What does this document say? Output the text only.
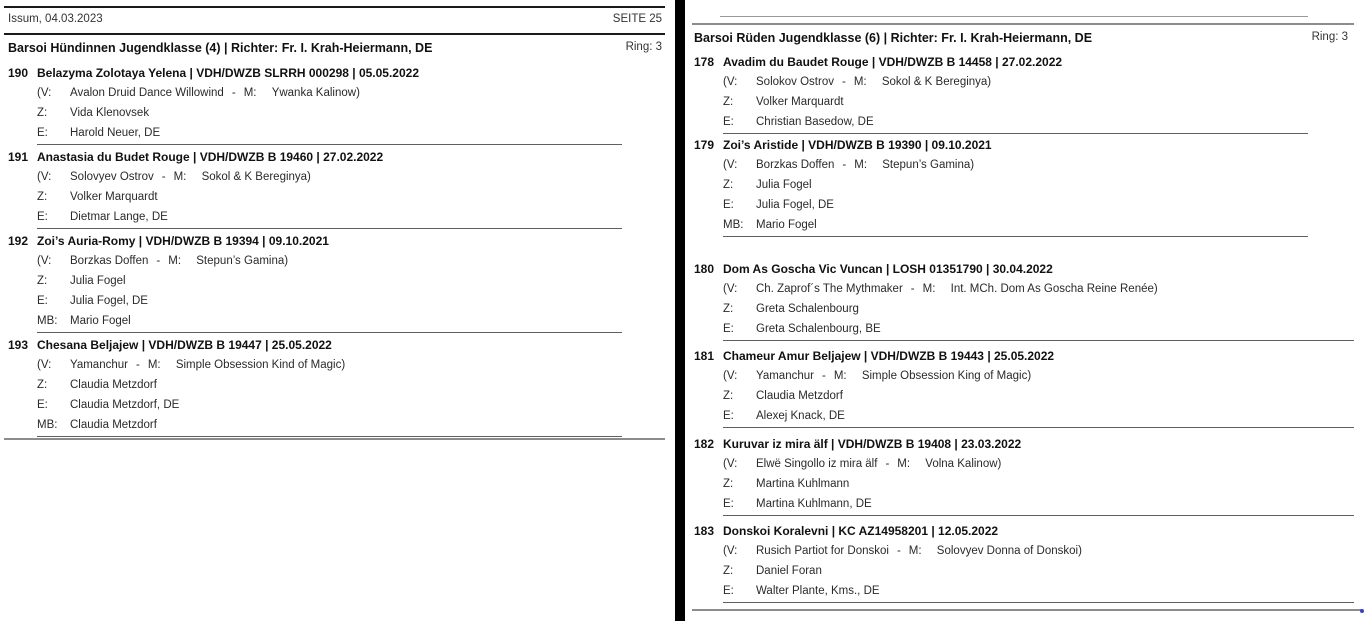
Issum, 04.03.2023	SEITE 25
Barsoi Hündinnen Jugendklasse (4) | Richter: Fr. I. Krah-Heiermann, DE	Ring: 3
190 Belazyma Zolotaya Yelena | VDH/DWZB SLRRH 000298 | 05.05.2022
(V: Avalon Druid Dance Willowind - M: Ywanka Kalinow)
Z: Vida Klenovsek
E: Harold Neuer, DE
191 Anastasia du Budet Rouge | VDH/DWZB B 19460 | 27.02.2022
(V: Solovyev Ostrov - M: Sokol & K Bereginya)
Z: Volker Marquardt
E: Dietmar Lange, DE
192 Zoi’s Auria-Romy | VDH/DWZB B 19394 | 09.10.2021
(V: Borzkas Doffen - M: Stepun’s Gamina)
Z: Julia Fogel
E: Julia Fogel, DE
MB: Mario Fogel
193 Chesana Beljajew | VDH/DWZB B 19447 | 25.05.2022
(V: Yamanchur - M: Simple Obsession Kind of Magic)
Z: Claudia Metzdorf
E: Claudia Metzdorf, DE
MB: Claudia Metzdorf
Barsoi Rüden Jugendklasse (6) | Richter: Fr. I. Krah-Heiermann, DE	Ring: 3
178 Avadim du Baudet Rouge | VDH/DWZB B 14458 | 27.02.2022
(V: Solokov Ostrov - M: Sokol & K Bereginya)
Z: Volker Marquardt
E: Christian Basedow, DE
179 Zoi’s Aristide | VDH/DWZB B 19390 | 09.10.2021
(V: Borzkas Doffen - M: Stepun’s Gamina)
Z: Julia Fogel
E: Julia Fogel, DE
MB: Mario Fogel
180 Dom As Goscha Vic Vuncan | LOSH 01351790 | 30.04.2022
(V: Ch. Zaprof´s The Mythmaker - M: Int. MCh. Dom As Goscha Reine Renée)
Z: Greta Schalenbourg
E: Greta Schalenbourg, BE
181 Chameur Amur Beljajew | VDH/DWZB B 19443 | 25.05.2022
(V: Yamanchur - M: Simple Obsession King of Magic)
Z: Claudia Metzdorf
E: Alexej Knack, DE
182 Kuruvar iz mira älf | VDH/DWZB B 19408 | 23.03.2022
(V: Elwë Singollo iz mira älf - M: Volna Kalinow)
Z: Martina Kuhlmann
E: Martina Kuhlmann, DE
183 Donskoi Koralevni | KC AZ14958201 | 12.05.2022
(V: Rusich Partiot for Donskoi - M: Solovyev Donna of Donskoi)
Z: Daniel Foran
E: Walter Plante, Kms., DE
